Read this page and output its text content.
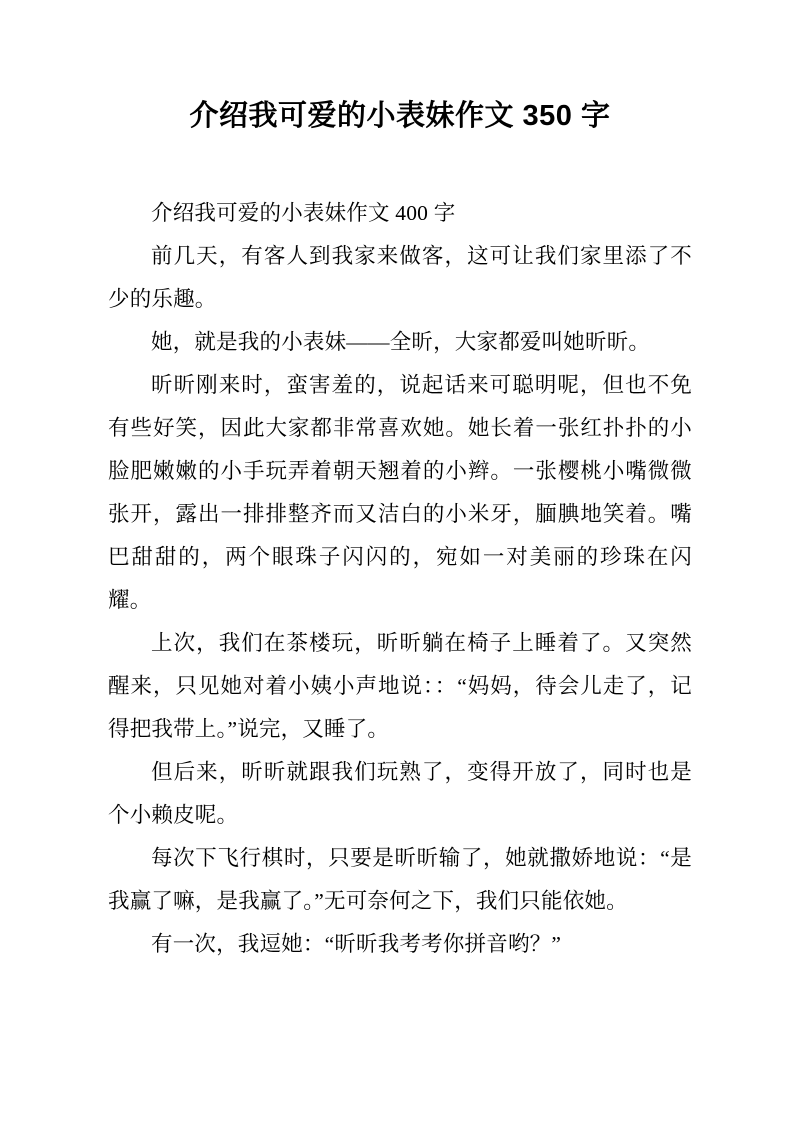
介绍我可爱的小表妹作文 350 字

介绍我可爱的小表妹作文 400 字

前几天，有客人到我家来做客，这可让我们家里添了不少的乐趣。

她，就是我的小表妹——全昕，大家都爱叫她昕昕。

昕昕刚来时，蛮害羞的，说起话来可聪明呢，但也不免有些好笑，因此大家都非常喜欢她。她长着一张红扑扑的小脸肥嫩嫩的小手玩弄着朝天翘着的小辫。一张樱桃小嘴微微张开，露出一排排整齐而又洁白的小米牙，腼腆地笑着。嘴巴甜甜的，两个眼珠子闪闪的，宛如一对美丽的珍珠在闪耀。

上次，我们在茶楼玩，昕昕躺在椅子上睡着了。又突然醒来，只见她对着小姨小声地说：：“妈妈，待会儿走了，记得把我带上。”说完，又睡了。

但后来，昕昕就跟我们玩熟了，变得开放了，同时也是个小赖皮呢。

每次下飞行棋时，只要是昕昕输了，她就撒娇地说：“是我赢了嘛，是我赢了。”无可奈何之下，我们只能依她。

有一次，我逗她：“昕昕我考考你拼音哟？”
